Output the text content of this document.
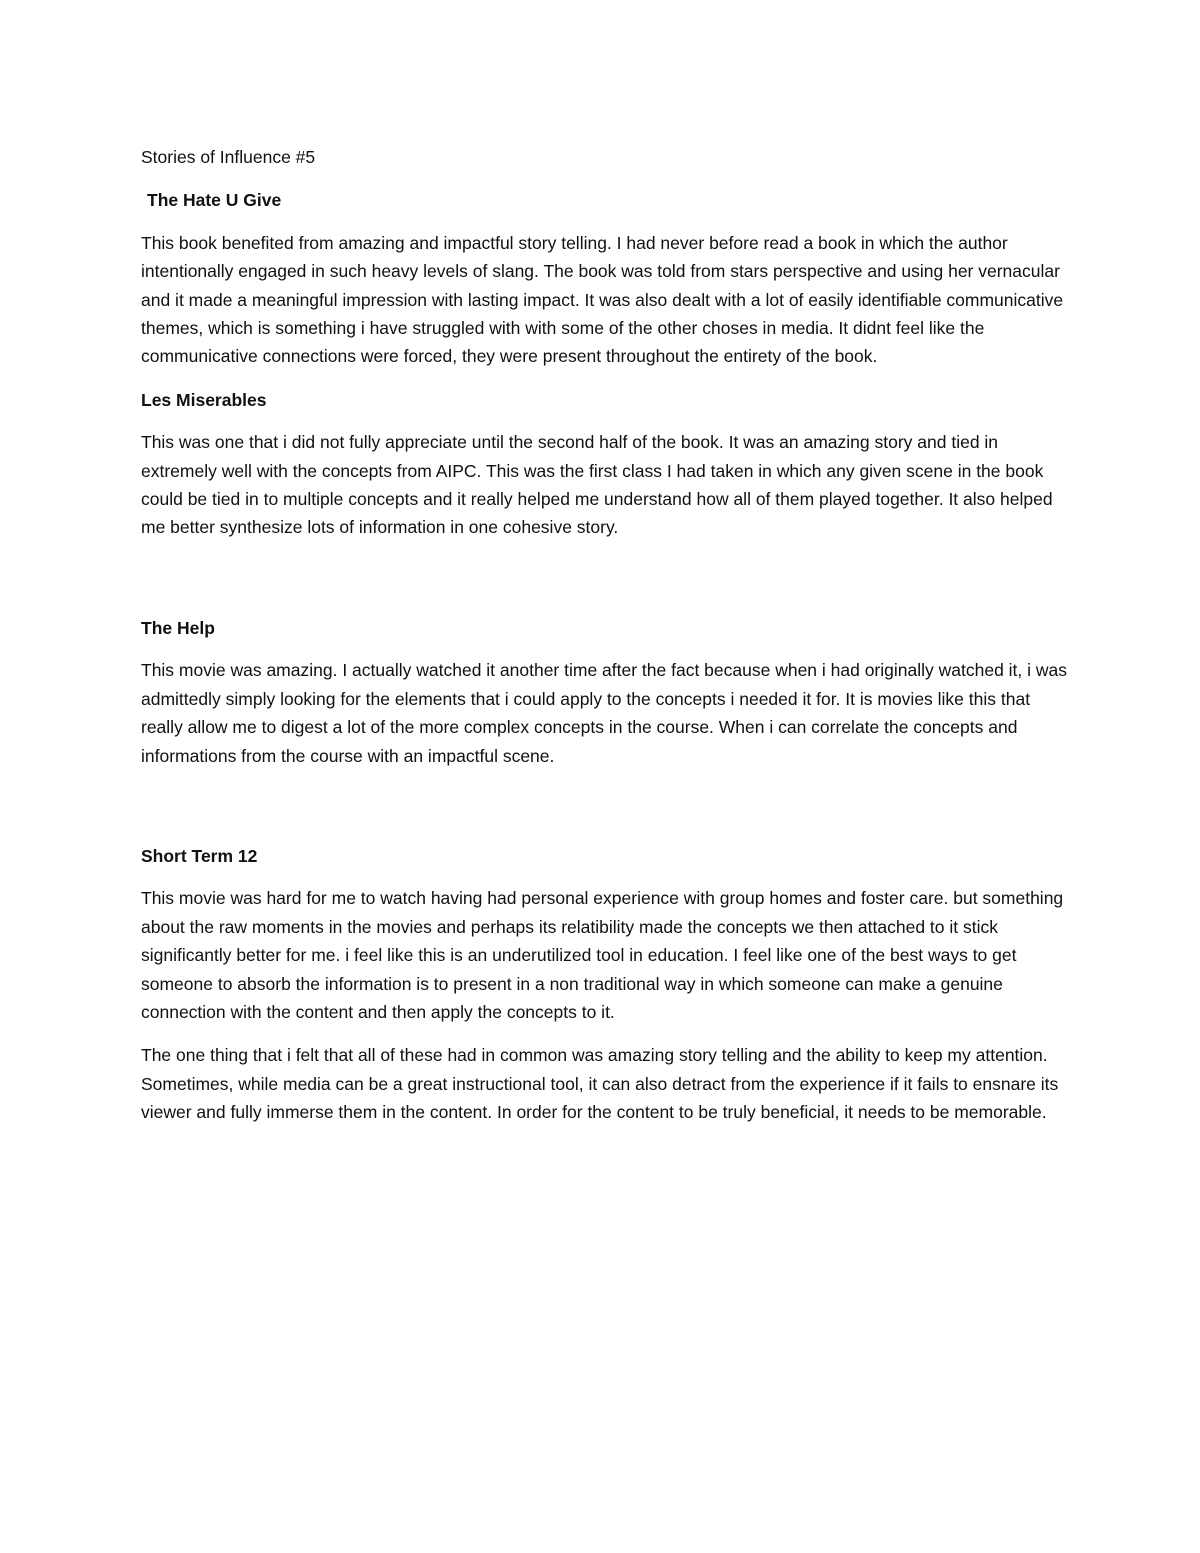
Stories of Influence #5

The Hate U Give

This book benefited from amazing and impactful story telling. I had never before read a book in which the author intentionally engaged in such heavy levels of slang. The book was told from stars perspective and using her vernacular and it made a meaningful impression with lasting impact. It was also dealt with a lot of easily identifiable communicative themes, which is something i have struggled with with some of the other choses in media. It didnt feel like the communicative connections were forced, they were present throughout the entirety of the book.

Les Miserables

This was one that i did not fully appreciate until the second half of the book. It was an amazing story and tied in extremely well with the concepts from AIPC. This was the first class I had taken in which any given scene in the book could be tied in to multiple concepts and it really helped me understand how all of them played together. It also helped me better synthesize lots of information in one cohesive story.

The Help

This movie was amazing. I actually watched it another time after the fact because when i had originally watched it, i was admittedly simply looking for the elements that i could apply to the concepts i needed it for. It is movies like this that really allow me to digest a lot of the more complex concepts in the course. When i can correlate the concepts and informations from the course with an impactful scene.

Short Term 12

This movie was hard for me to watch having had personal experience with group homes and foster care. but something about the raw moments in the movies and perhaps its relatibility made the concepts we then attached to it stick significantly better for me. i feel like this is an underutilized tool in education. I feel like one of the best ways to get someone to absorb the information is to present in a non traditional way in which someone can make a genuine connection with the content and then apply the concepts to it.

The one thing that i felt that all of these had in common was amazing story telling and the ability to keep my attention. Sometimes, while media can be a great instructional tool, it can also detract from the experience if it fails to ensnare its viewer and fully immerse them in the content. In order for the content to be truly beneficial, it needs to be memorable.
